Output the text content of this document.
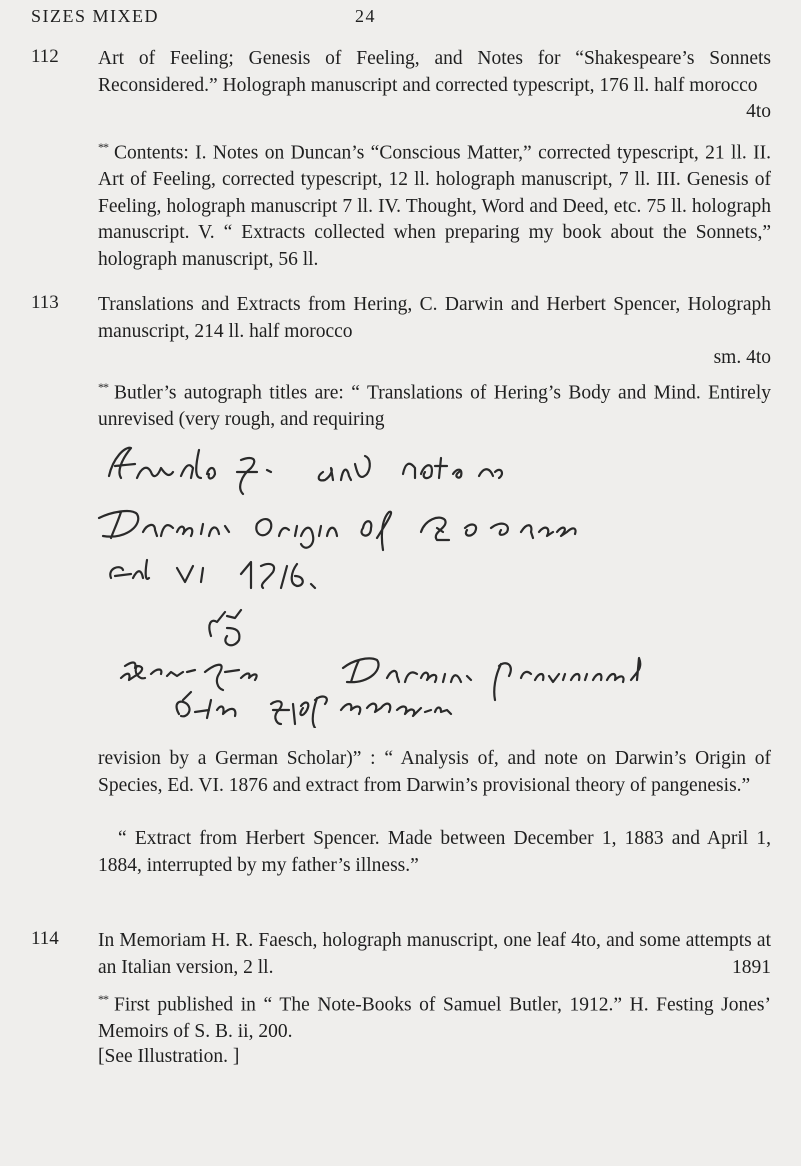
SIZES MIXED	24
112 Art of Feeling; Genesis of Feeling, and Notes for “Shakespeare’s Sonnets Reconsidered.” Holograph manuscript and corrected typescript, 176 ll. half morocco
4to
** Contents: I. Notes on Duncan’s “Conscious Matter,” corrected typescript, 21 ll. II. Art of Feeling, corrected typescript, 12 ll. holograph manuscript, 7 ll. III. Genesis of Feeling, holograph manuscript 7 ll. IV. Thought, Word and Deed, etc. 75 ll. holograph manuscript. V. “ Extracts collected when preparing my book about the Sonnets,” holograph manuscript, 56 ll.
113 Translations and Extracts from Hering, C. Darwin and Herbert Spencer, Holograph manuscript, 214 ll. half morocco
sm. 4to
** Butler’s autograph titles are: “ Translations of Hering’s Body and Mind. Entirely unrevised (very rough, and requiring
revision by a German Scholar)” : “ Analysis of, and note on Darwin’s Origin of Species, Ed. VI. 1876 and extract from Darwin’s provisional theory of pangenesis.”
“ Extract from Herbert Spencer. Made between December 1, 1883 and April 1, 1884, interrupted by my father’s illness.”
114 In Memoriam H. R. Faesch, holograph manuscript, one leaf 4to, and some attempts at an Italian version, 2 ll.	1891
** First published in “ The Note-Books of Samuel Butler, 1912.” H. Festing Jones’ Memoirs of S. B. ii, 200.
[See Illustration. ]
